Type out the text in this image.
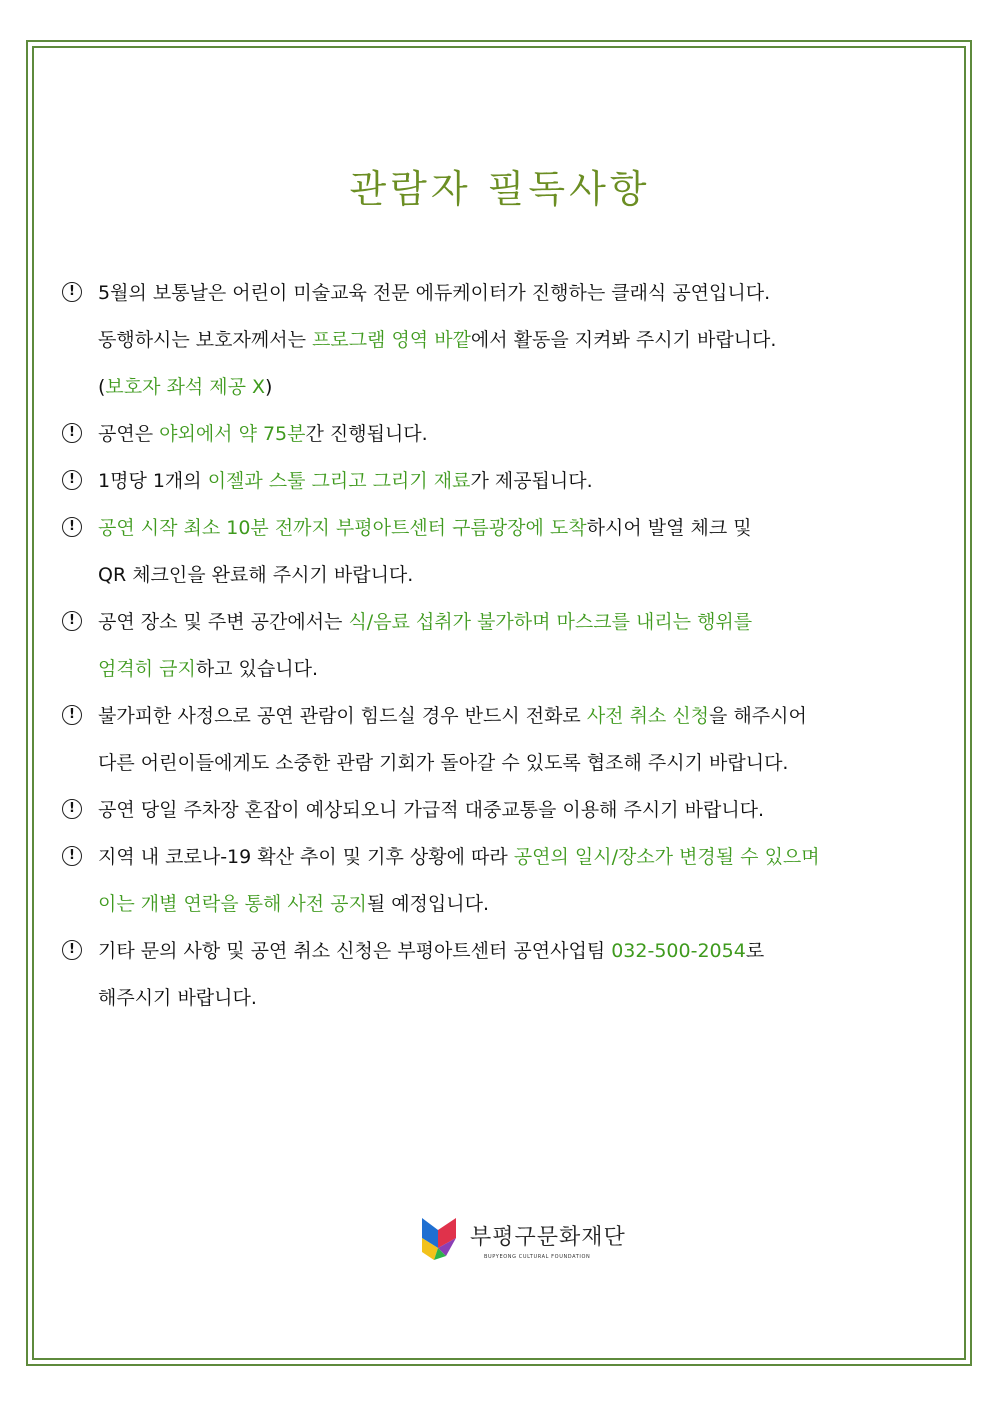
관람자 필독사항
!	5월의 보통날은 어린이 미술교육 전문 에듀케이터가 진행하는 클래식 공연입니다.
동행하시는 보호자께서는 프로그램 영역 바깥에서 활동을 지켜봐 주시기 바랍니다.
(보호자 좌석 제공 X)
!	공연은 야외에서 약 75분간 진행됩니다.
!	1명당 1개의 이젤과 스툴 그리고 그리기 재료가 제공됩니다.
!	공연 시작 최소 10분 전까지 부평아트센터 구름광장에 도착하시어 발열 체크 및
QR 체크인을 완료해 주시기 바랍니다.
!	공연 장소 및 주변 공간에서는 식/음료 섭취가 불가하며 마스크를 내리는 행위를
엄격히 금지하고 있습니다.
!	불가피한 사정으로 공연 관람이 힘드실 경우 반드시 전화로 사전 취소 신청을 해주시어
다른 어린이들에게도 소중한 관람 기회가 돌아갈 수 있도록 협조해 주시기 바랍니다.
!	공연 당일 주차장 혼잡이 예상되오니 가급적 대중교통을 이용해 주시기 바랍니다.
!	지역 내 코로나-19 확산 추이 및 기후 상황에 따라 공연의 일시/장소가 변경될 수 있으며
이는 개별 연락을 통해 사전 공지될 예정입니다.
!	기타 문의 사항 및 공연 취소 신청은 부평아트센터 공연사업팀 032-500-2054로
해주시기 바랍니다.
부평구문화재단
BUPYEONG CULTURAL FOUNDATION
